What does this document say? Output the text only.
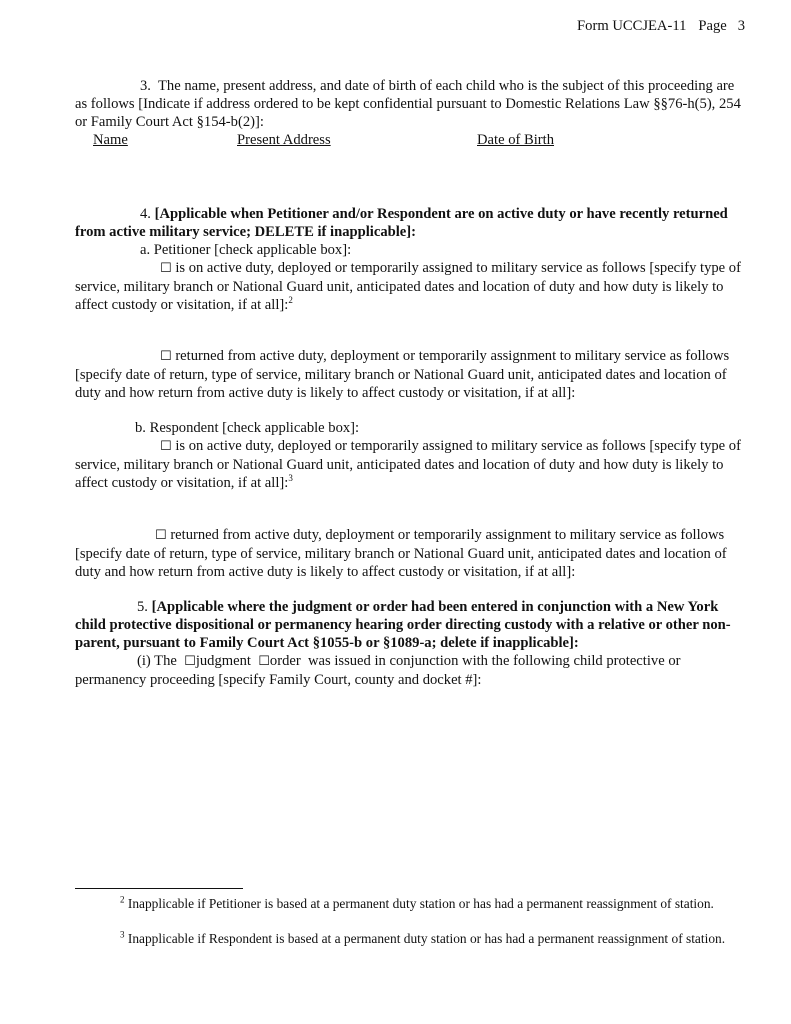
Form UCCJEA-11 Page   3

3. The name, present address, and date of birth of each child who is the subject of this proceeding are as follows [Indicate if address ordered to be kept confidential pursuant to Domestic Relations Law §§76-h(5), 254 or Family Court Act §154-b(2)]:

Name	Present Address	Date of Birth

4. [Applicable when Petitioner and/or Respondent are on active duty or have recently returned from active military service; DELETE if inapplicable]:

a. Petitioner [check applicable box]:

☐ is on active duty, deployed or temporarily assigned to military service as follows [specify type of service, military branch or National Guard unit, anticipated dates and location of duty and how duty is likely to affect custody or visitation, if at all]:$^2$

☐ returned from active duty, deployment or temporarily assignment to military service as follows [specify date of return, type of service, military branch or National Guard unit, anticipated dates and location of duty and how return from active duty is likely to affect custody or visitation, if at all]:

b. Respondent [check applicable box]:

☐ is on active duty, deployed or temporarily assigned to military service as follows [specify type of service, military branch or National Guard unit, anticipated dates and location of duty and how duty is likely to affect custody or visitation, if at all]:$^3$

☐ returned from active duty, deployment or temporarily assignment to military service as follows [specify date of return, type of service, military branch or National Guard unit, anticipated dates and location of duty and how return from active duty is likely to affect custody or visitation, if at all]:

5. [Applicable where the judgment or order had been entered in conjunction with a New York child protective dispositional or permanency hearing order directing custody with a relative or other non-parent, pursuant to Family Court Act §1055-b or §1089-a; delete if inapplicable]:

(i) The ☐judgment ☐order was issued in conjunction with the following child protective or permanency proceeding [specify Family Court, county and docket #]:

$^2$ Inapplicable if Petitioner is based at a permanent duty station or has had a permanent reassignment of station.
$^3$ Inapplicable if Respondent is based at a permanent duty station or has had a permanent reassignment of station.
